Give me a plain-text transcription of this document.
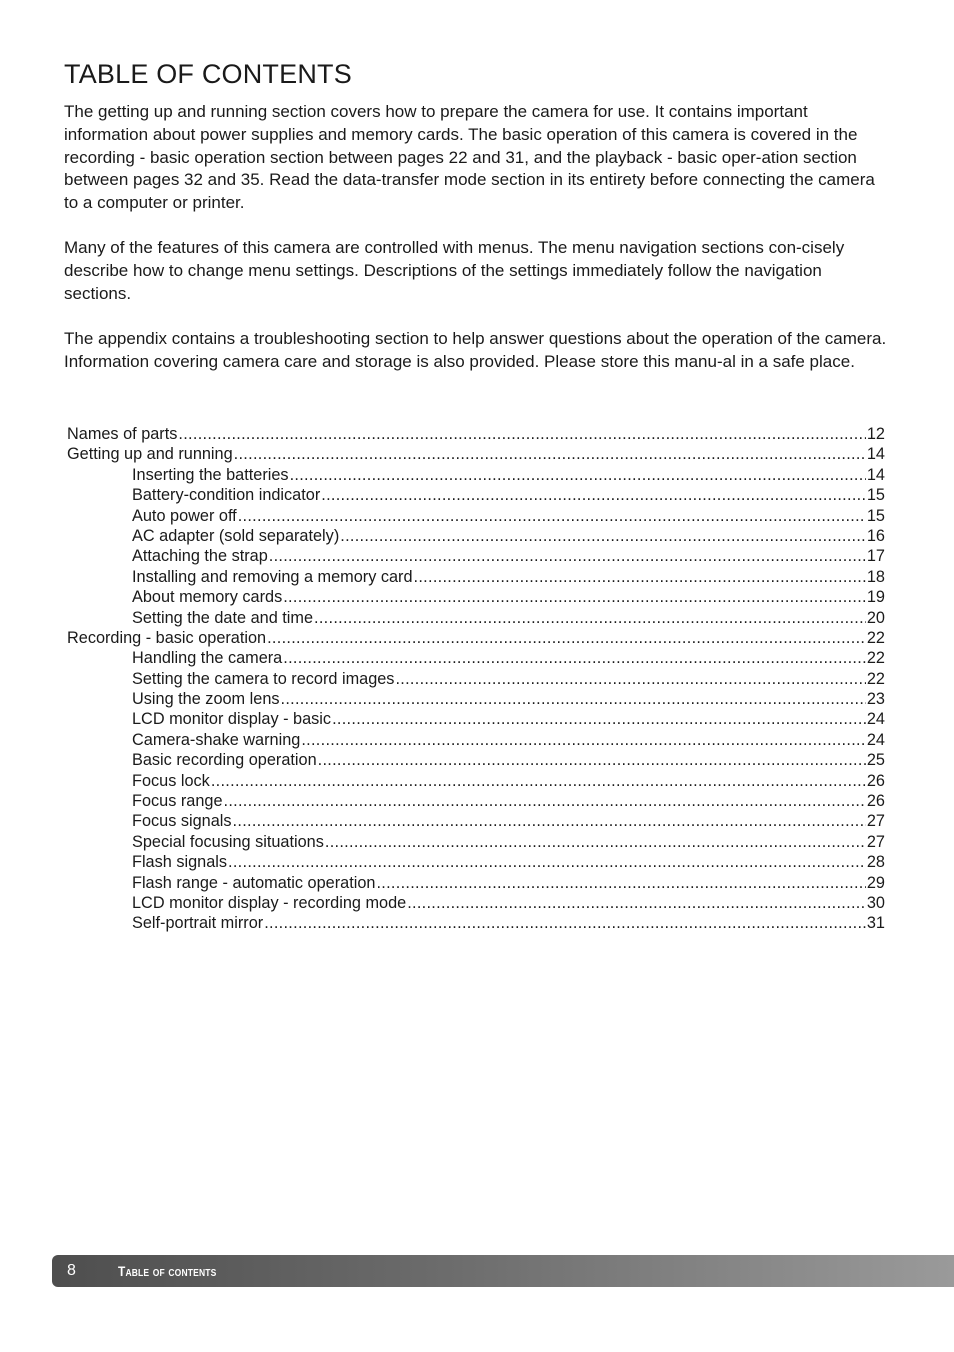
TABLE OF CONTENTS

The getting up and running section covers how to prepare the camera for use. It contains important information about power supplies and memory cards. The basic operation of this camera is covered in the recording - basic operation section between pages 22 and 31, and the playback - basic oper-ation section between pages 32 and 35. Read the data-transfer mode section in its entirety before connecting the camera to a computer or printer.

Many of the features of this camera are controlled with menus. The menu navigation sections con-cisely describe how to change menu settings. Descriptions of the settings immediately follow the navigation sections.

The appendix contains a troubleshooting section to help answer questions about the operation of the camera. Information covering camera care and storage is also provided. Please store this manu-al in a safe place.

Names of parts .....	12
Getting up and running .....	14
Inserting the batteries .....	14
Battery-condition indicator .....	15
Auto power off .....	15
AC adapter (sold separately) .....	16
Attaching the strap .....	17
Installing and removing a memory card .....	18
About memory cards .....	19
Setting the date and time .....	20
Recording - basic operation .....	22
Handling the camera .....	22
Setting the camera to record images .....	22
Using the zoom lens .....	23
LCD monitor display - basic .....	24
Camera-shake warning .....	24
Basic recording operation .....	25
Focus lock .....	26
Focus range .....	26
Focus signals .....	27
Special focusing situations .....	27
Flash signals .....	28
Flash range - automatic operation .....	29
LCD monitor display - recording mode .....	30
Self-portrait mirror .....	31
8	Table of contents
